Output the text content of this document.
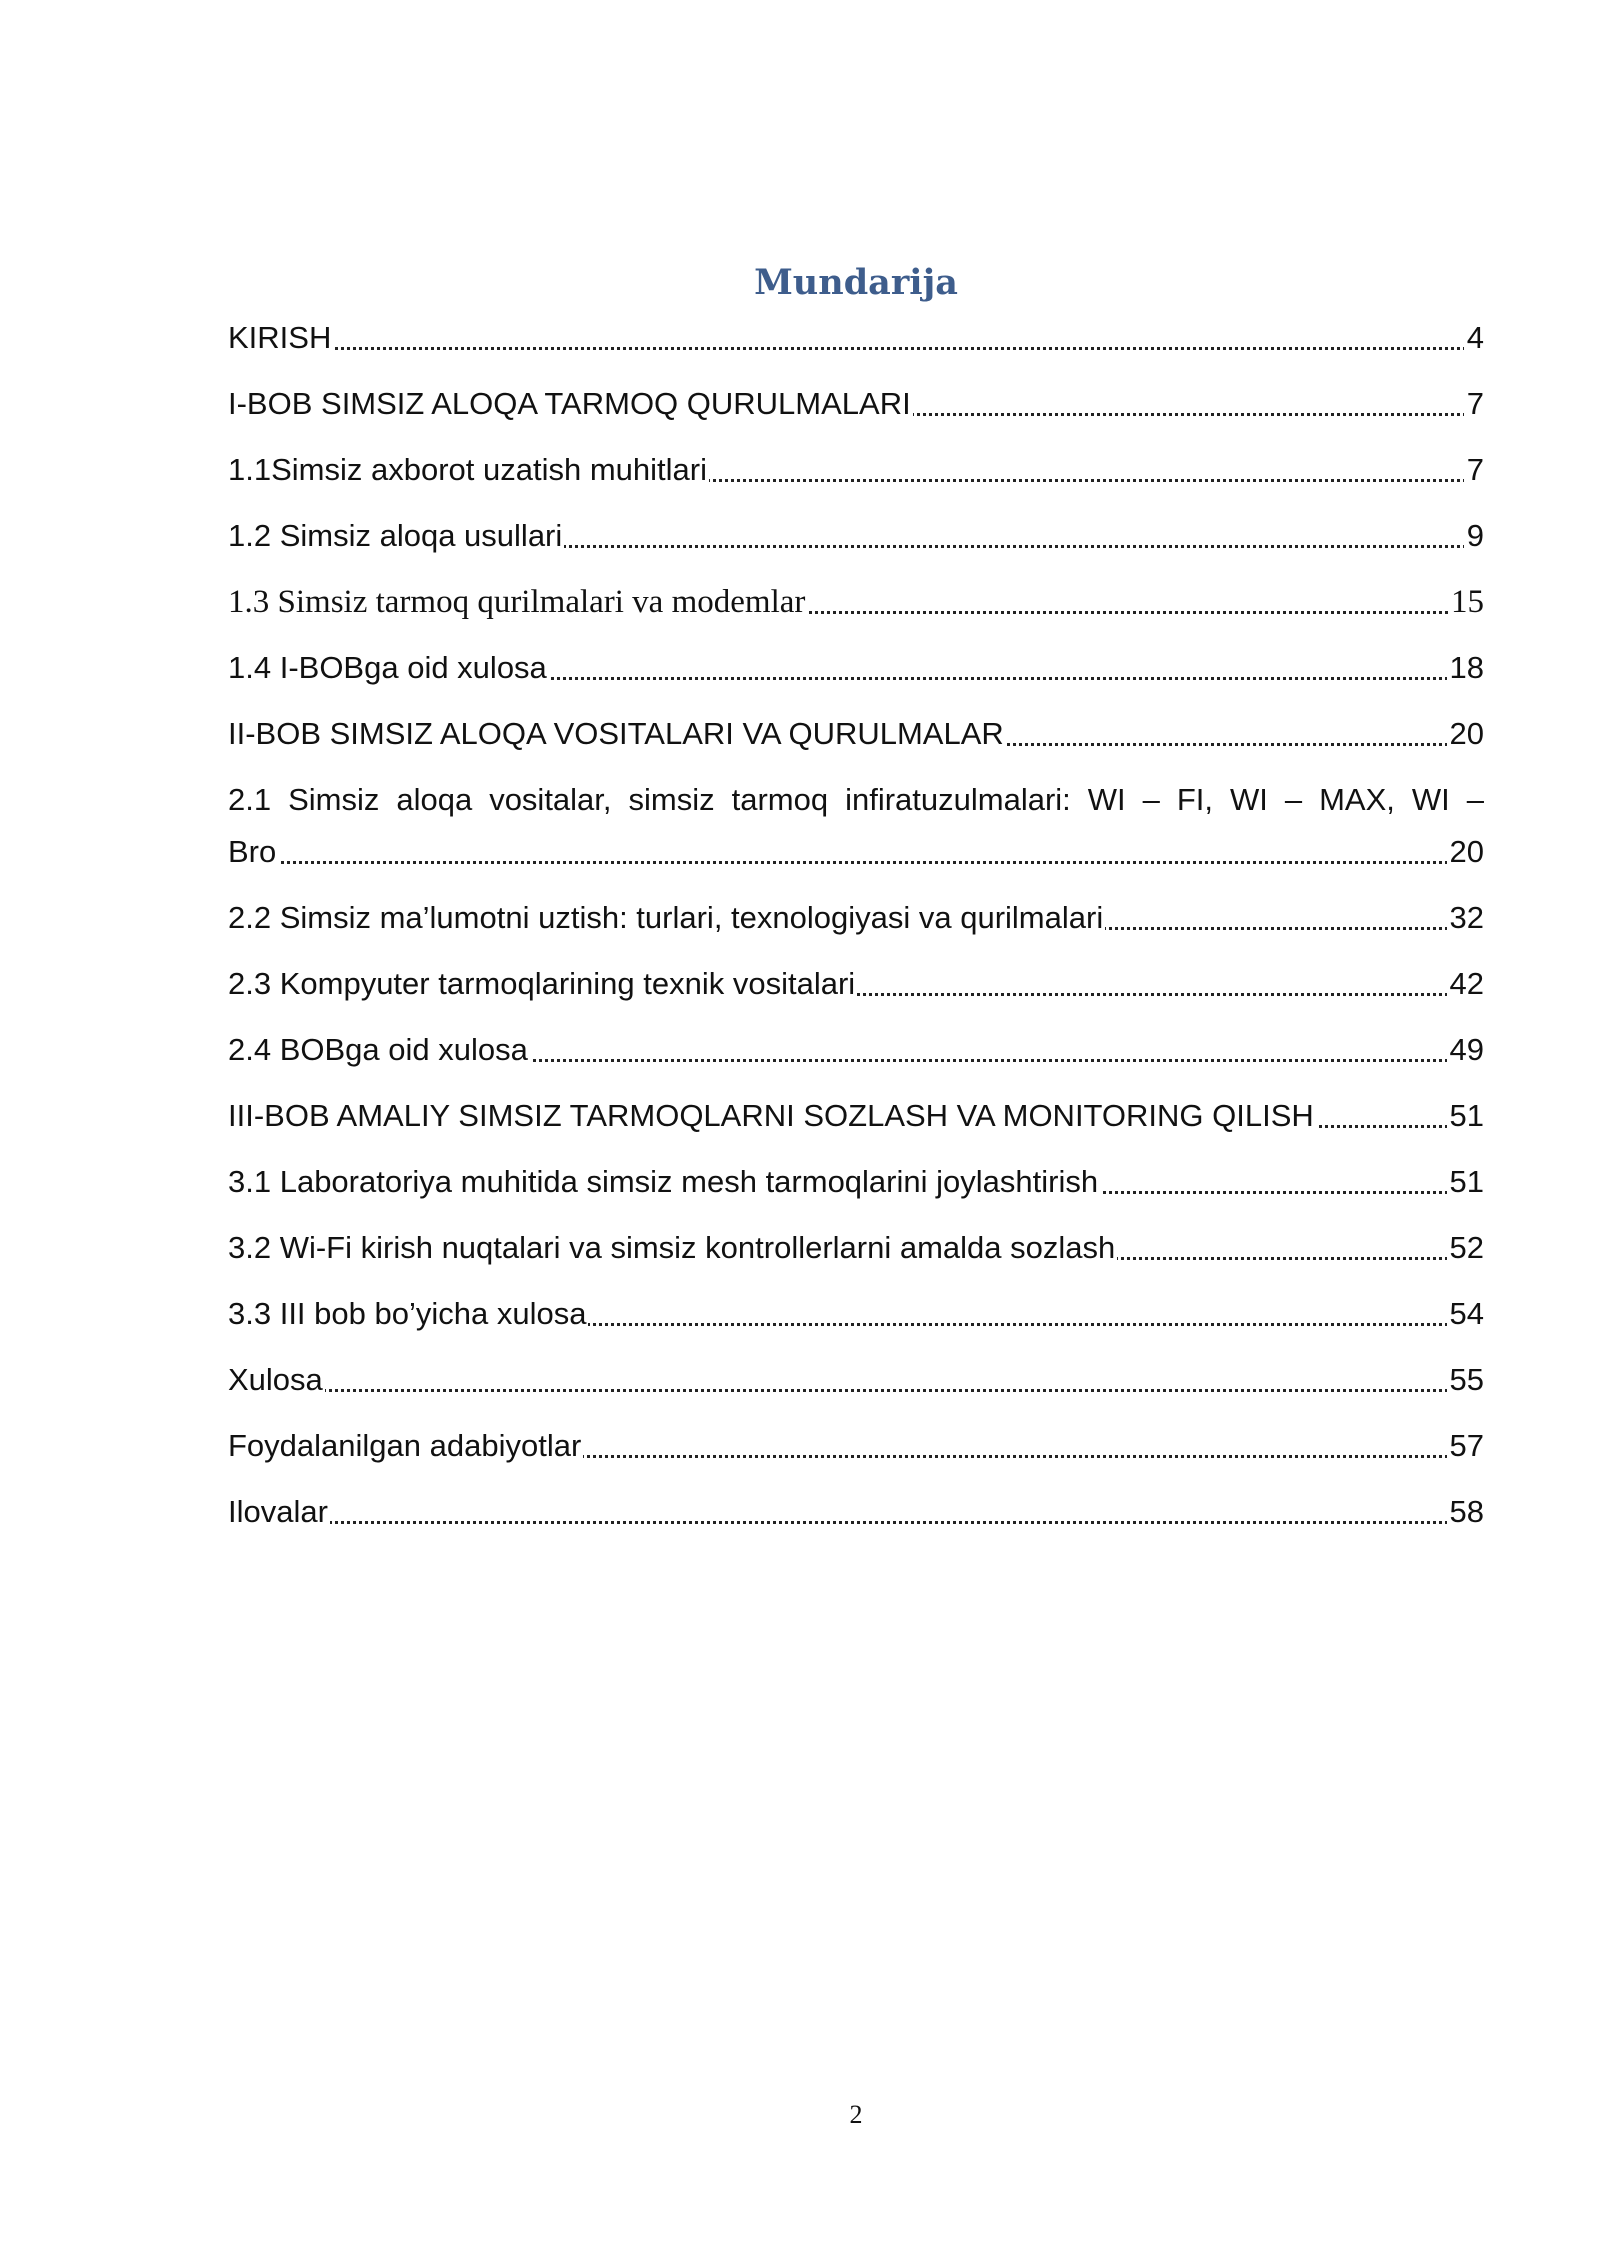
Mundarija
KIRISH	4
I-BOB SIMSIZ ALOQA TARMOQ QURULMALARI	7
1.1Simsiz axborot uzatish muhitlari	7
1.2 Simsiz aloqa usullari	9
1.3 Simsiz tarmoq qurilmalari va modemlar	15
1.4 I-BOBga oid xulosa	18
II-BOB SIMSIZ ALOQA VOSITALARI VA QURULMALAR	20
2.1 Simsiz aloqa vositalar, simsiz tarmoq infiratuzulmalari: WI – FI, WI – MAX, WI –
Bro	20
2.2 Simsiz ma’lumotni uztish: turlari, texnologiyasi va qurilmalari	32
2.3 Kompyuter tarmoqlarining texnik vositalari	42
2.4 BOBga oid xulosa	49
III-BOB AMALIY SIMSIZ TARMOQLARNI SOZLASH VA MONITORING QILISH	51
3.1 Laboratoriya muhitida simsiz mesh tarmoqlarini joylashtirish	51
3.2 Wi-Fi kirish nuqtalari va simsiz kontrollerlarni amalda sozlash	52
3.3 III bob bo’yicha xulosa	54
Xulosa	55
Foydalanilgan adabiyotlar	57
Ilovalar	58
2
